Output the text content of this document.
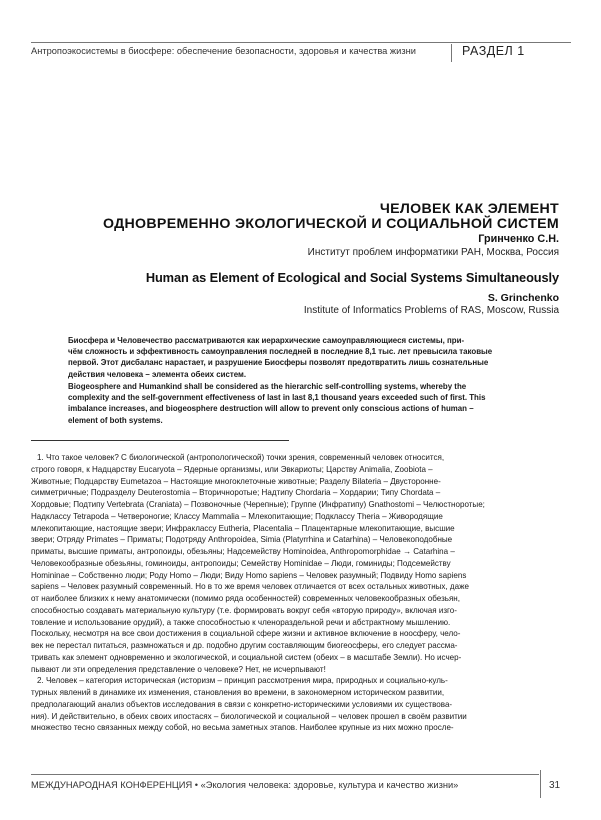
Антропоэкосистемы в биосфере: обеспечение безопасности, здоровья и качества жизни	РАЗДЕЛ 1
ЧЕЛОВЕК КАК ЭЛЕМЕНТ
ОДНОВРЕМЕННО ЭКОЛОГИЧЕСКОЙ И СОЦИАЛЬНОЙ СИСТЕМ
Гринченко С.Н.
Институт проблем информатики РАН, Москва, Россия
Human as Element of Ecological and Social Systems Simultaneously
S. Grinchenko
Institute of Informatics Problems of RAS, Moscow, Russia
Биосфера и Человечество рассматриваются как иерархические самоуправляющиеся системы, при-
чём сложность и эффективность самоуправления последней в последние 8,1 тыс. лет превысила таковые
первой. Этот дисбаланс нарастает, и разрушение Биосферы позволят предотвратить лишь сознательные
действия человека – элемента обеих систем.
Biogeosphere and Humankind shall be considered as the hierarchic self-controlling systems, whereby the
complexity and the self-government effectiveness of last in last 8,1 thousand years exceeded such of first. This
imbalance increases, and biogeosphere destruction will allow to prevent only conscious actions of human –
element of both systems.
1. Что такое человек? С биологической (антропологической) точки зрения, современный человек относится,
строго говоря, к Надцарству Eucaryota – Ядерные организмы, или Эвкариоты; Царству Animalia, Zoobiota –
Животные; Подцарству Eumetazoa – Настоящие многоклеточные животные; Разделу Bilateria – Двусторонне-
симметричные; Подразделу Deuterostomia – Вторичноротые; Надтипу Chordaria – Хордарии; Типу Chordata –
Хордовые; Подтипу Vertebrata (Craniata) – Позвоночные (Черепные); Группе (Инфратипу) Gnathostomi – Челюстноротые;
Надклассу Tetrapoda – Четвероногие; Классу Mammalia – Млекопитающие; Подклассу Theria – Живородящие
млекопитающие, настоящие звери; Инфраклассу Eutheria, Placentalia – Плацентарные млекопитающие, высшие
звери; Отряду Primates – Приматы; Подотряду Anthropoidea, Simia (Platyrrhina и Catarhina) – Человекоподобные
приматы, высшие приматы, антропоиды, обезьяны; Надсемейству Hominoidea, Anthropomorphidae → Catarhina –
Человекообразные обезьяны, гоминоиды, антропоиды; Семейству Hominidae – Люди, гоминиды; Подсемейству
Homininae – Собственно люди; Роду Homo – Люди; Виду Homo sapiens – Человек разумный; Подвиду Homo sapiens
sapiens – Человек разумный современный. Но в то же время человек отличается от всех остальных животных, даже
от наиболее близких к нему анатомически (помимо ряда особенностей) современных человекообразных обезьян,
способностью создавать материальную культуру (т.е. формировать вокруг себя «вторую природу», включая изго-
товление и использование орудий), а также способностью к членораздельной речи и абстрактному мышлению.
Поскольку, несмотря на все свои достижения в социальной сфере жизни и активное включение в ноосферу, чело-
век не перестал питаться, размножаться и др. подобно другим составляющим биогеосферы, его следует рассма-
тривать как элемент одновременно и экологической, и социальной систем (обеих – в масштабе Земли). Но исчер-
пывают ли эти определения представление о человеке? Нет, не исчерпывают!
2. Человек – категория историческая (историзм – принцип рассмотрения мира, природных и социально-куль-
турных явлений в динамике их изменения, становления во времени, в закономерном историческом развитии,
предполагающий анализ объектов исследования в связи с конкретно-историческими условиями их существова-
ния). И действительно, в обеих своих ипостасях – биологической и социальной – человек прошел в своём развитии
множество тесно связанных между собой, но весьма заметных этапов. Наиболее крупные из них можно просле-
МЕЖДУНАРОДНАЯ КОНФЕРЕНЦИЯ • «Экология человека: здоровье, культура и качество жизни»	31
